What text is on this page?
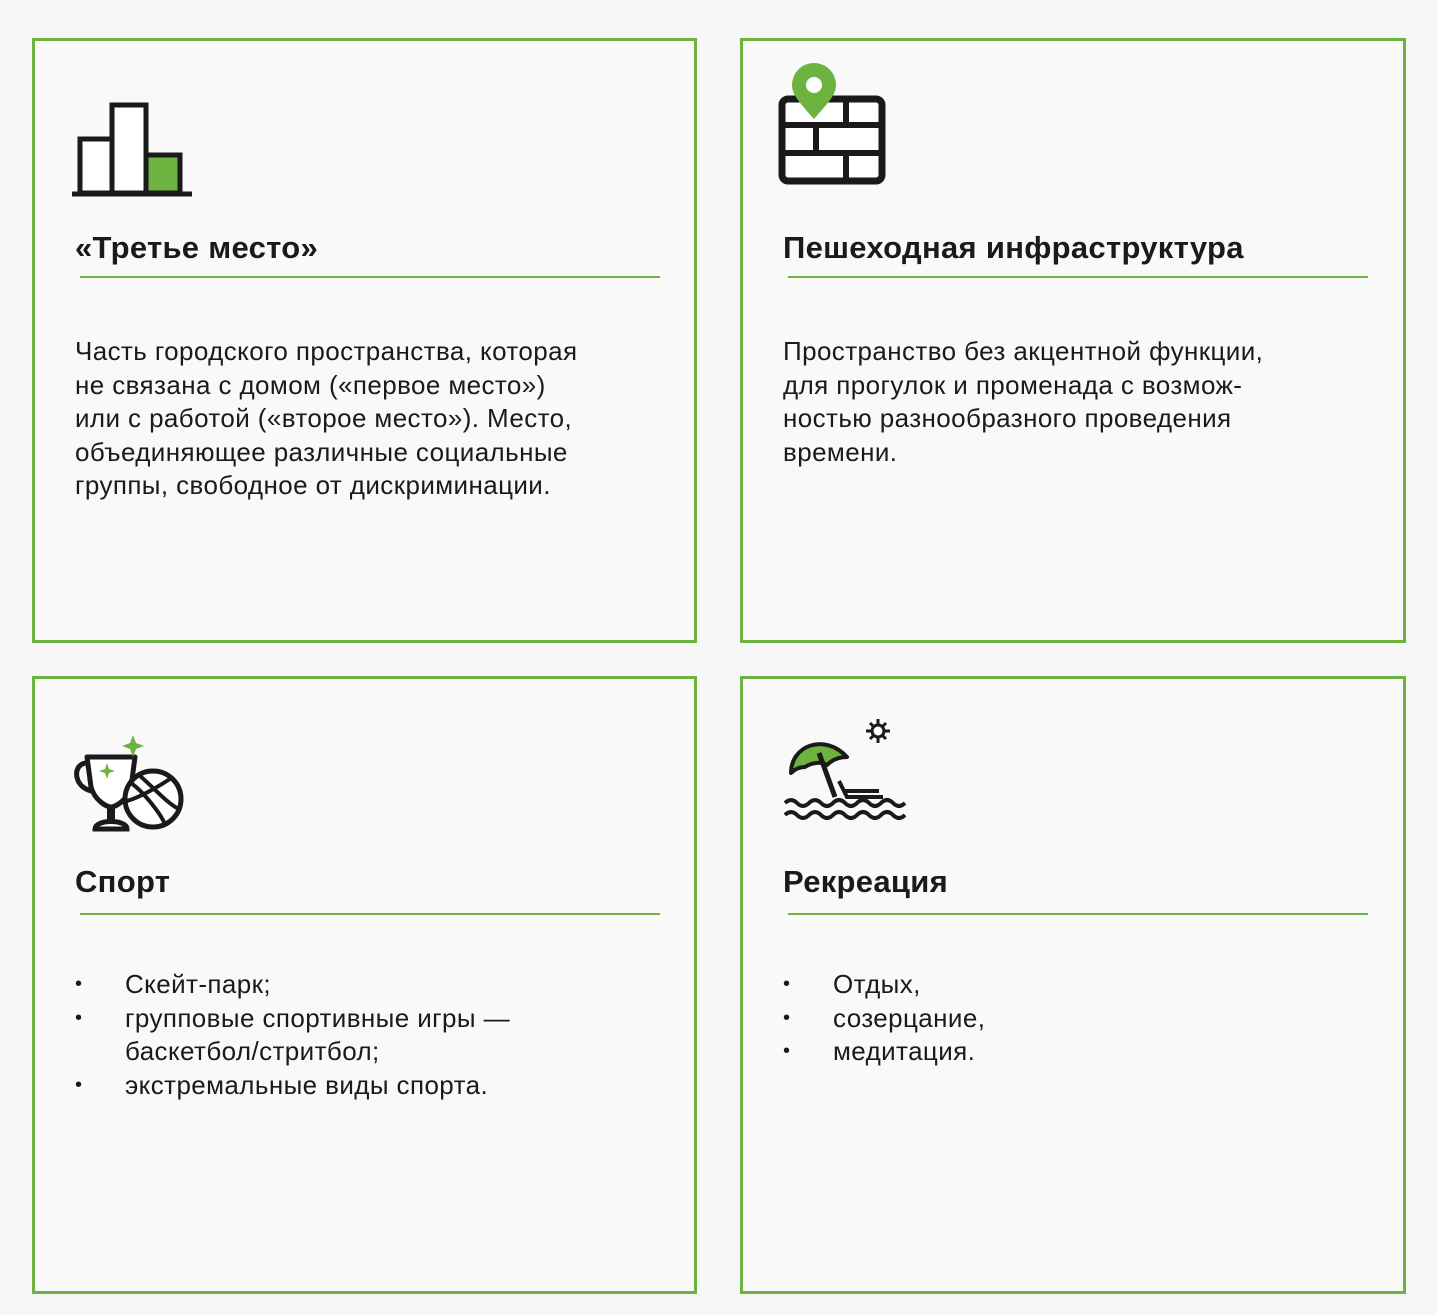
«Третье место»

Часть городского пространства, которая
не связана с домом («первое место»)
или с работой («второе место»). Место,
объединяющее различные социальные
группы, свободное от дискриминации.

Пешеходная инфраструктура

Пространство без акцентной функции,
для прогулок и променада с возмож-
ностью разнообразного проведения
времени.

Спорт
• Скейт-парк;
• групповые спортивные игры —
баскетбол/стритбол;
• экстремальные виды спорта.
Рекреация
• Отдых,
• созерцание,
• медитация.
